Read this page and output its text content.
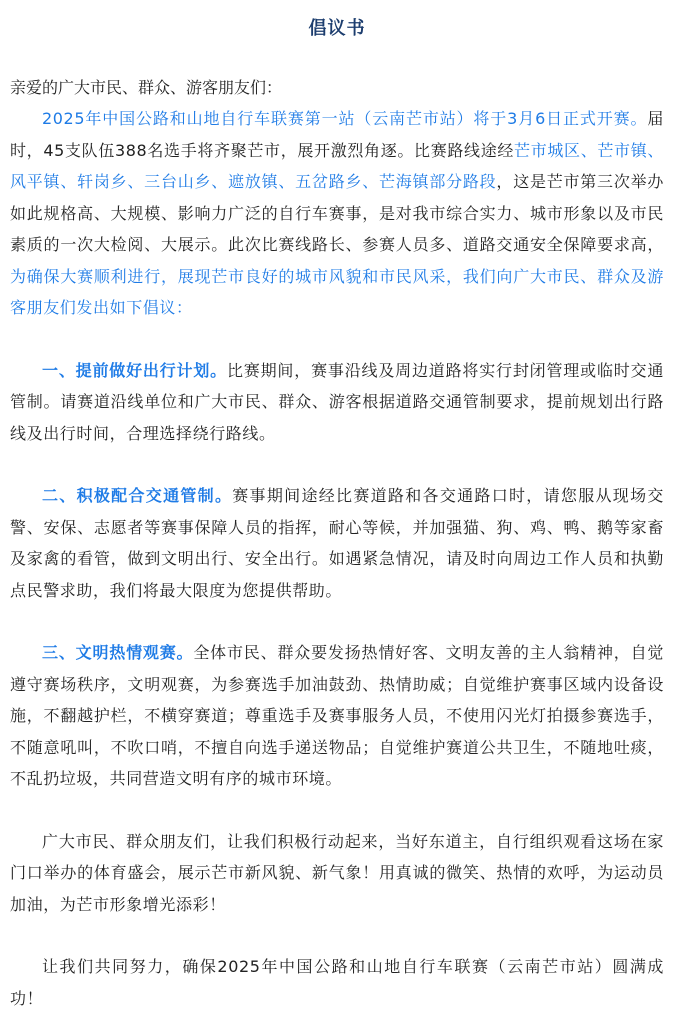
倡议书

亲爱的广大市民、群众、游客朋友们：

2025年中国公路和山地自行车联赛第一站（云南芒市站）将于3月6日正式开赛。届时，45支队伍388名选手将齐聚芒市，展开激烈角逐。比赛路线途经芒市城区、芒市镇、风平镇、轩岗乡、三台山乡、遮放镇、五岔路乡、芒海镇部分路段，这是芒市第三次举办如此规格高、大规模、影响力广泛的自行车赛事，是对我市综合实力、城市形象以及市民素质的一次大检阅、大展示。此次比赛线路长、参赛人员多、道路交通安全保障要求高，为确保大赛顺利进行，展现芒市良好的城市风貌和市民风采，我们向广大市民、群众及游客朋友们发出如下倡议：

一、提前做好出行计划。比赛期间，赛事沿线及周边道路将实行封闭管理或临时交通管制。请赛道沿线单位和广大市民、群众、游客根据道路交通管制要求，提前规划出行路线及出行时间，合理选择绕行路线。

二、积极配合交通管制。赛事期间途经比赛道路和各交通路口时，请您服从现场交警、安保、志愿者等赛事保障人员的指挥，耐心等候，并加强猫、狗、鸡、鸭、鹅等家畜及家禽的看管，做到文明出行、安全出行。如遇紧急情况，请及时向周边工作人员和执勤点民警求助，我们将最大限度为您提供帮助。

三、文明热情观赛。全体市民、群众要发扬热情好客、文明友善的主人翁精神，自觉遵守赛场秩序，文明观赛，为参赛选手加油鼓劲、热情助威；自觉维护赛事区域内设备设施，不翻越护栏，不横穿赛道；尊重选手及赛事服务人员，不使用闪光灯拍摄参赛选手，不随意吼叫，不吹口哨，不擅自向选手递送物品；自觉维护赛道公共卫生，不随地吐痰，不乱扔垃圾，共同营造文明有序的城市环境。

广大市民、群众朋友们，让我们积极行动起来，当好东道主，自行组织观看这场在家门口举办的体育盛会，展示芒市新风貌、新气象！用真诚的微笑、热情的欢呼，为运动员加油，为芒市形象增光添彩！

让我们共同努力，确保2025年中国公路和山地自行车联赛（云南芒市站）圆满成功！
